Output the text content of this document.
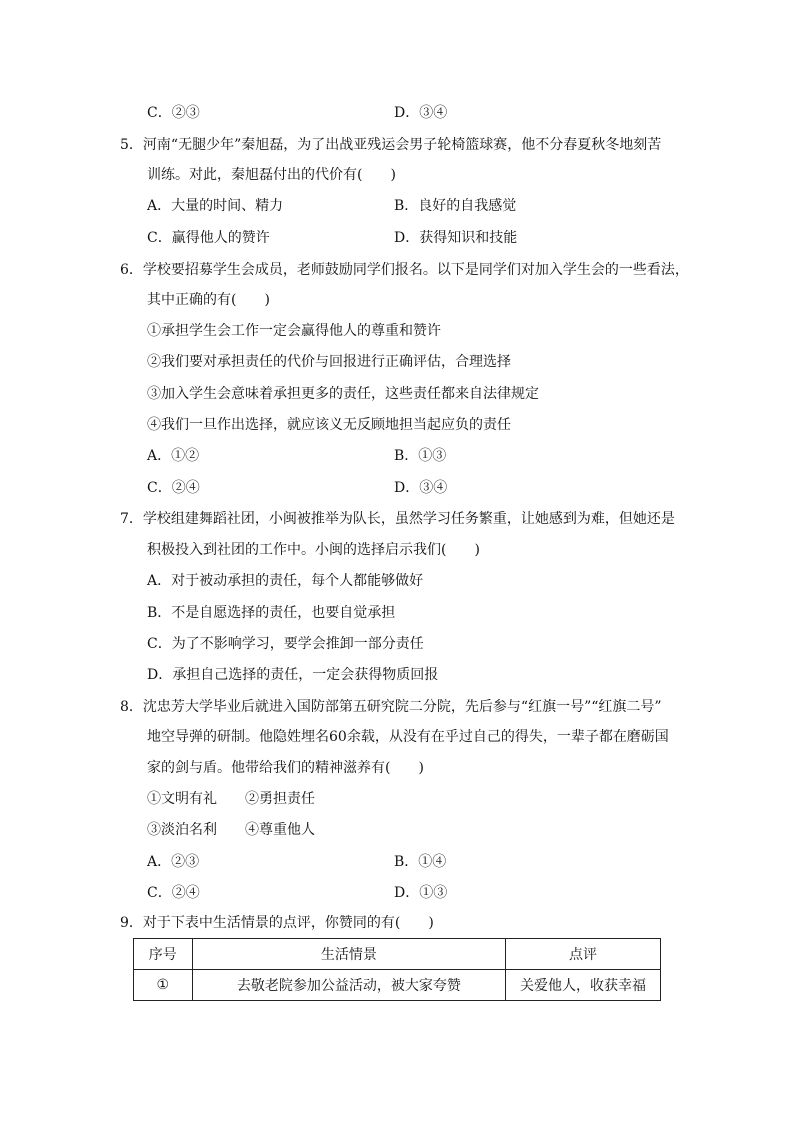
C．②③	D．③④
5．河南“无腿少年”秦旭磊，为了出战亚残运会男子轮椅篮球赛，他不分春夏秋冬地刻苦
训练。对此，秦旭磊付出的代价有(　　)
A．大量的时间、精力	B．良好的自我感觉
C．赢得他人的赞许	D．获得知识和技能
6．学校要招募学生会成员，老师鼓励同学们报名。以下是同学们对加入学生会的一些看法，
其中正确的有(　　)
①承担学生会工作一定会赢得他人的尊重和赞许
②我们要对承担责任的代价与回报进行正确评估，合理选择
③加入学生会意味着承担更多的责任，这些责任都来自法律规定
④我们一旦作出选择，就应该义无反顾地担当起应负的责任
A．①②	B．①③
C．②④	D．③④
7．学校组建舞蹈社团，小闽被推举为队长，虽然学习任务繁重，让她感到为难，但她还是
积极投入到社团的工作中。小闽的选择启示我们(　　)
A．对于被动承担的责任，每个人都能够做好
B．不是自愿选择的责任，也要自觉承担
C．为了不影响学习，要学会推卸一部分责任
D．承担自己选择的责任，一定会获得物质回报
8．沈忠芳大学毕业后就进入国防部第五研究院二分院，先后参与“红旗一号”“红旗二号”
地空导弹的研制。他隐姓埋名60余载，从没有在乎过自己的得失，一辈子都在磨砺国
家的剑与盾。他带给我们的精神滋养有(　　)
①文明有礼　　②勇担责任
③淡泊名利　　④尊重他人
A．②③	B．①④
C．②④	D．①③
9．对于下表中生活情景的点评，你赞同的有(　　)
序号	生活情景	点评
①	去敬老院参加公益活动，被大家夸赞	关爱他人，收获幸福
